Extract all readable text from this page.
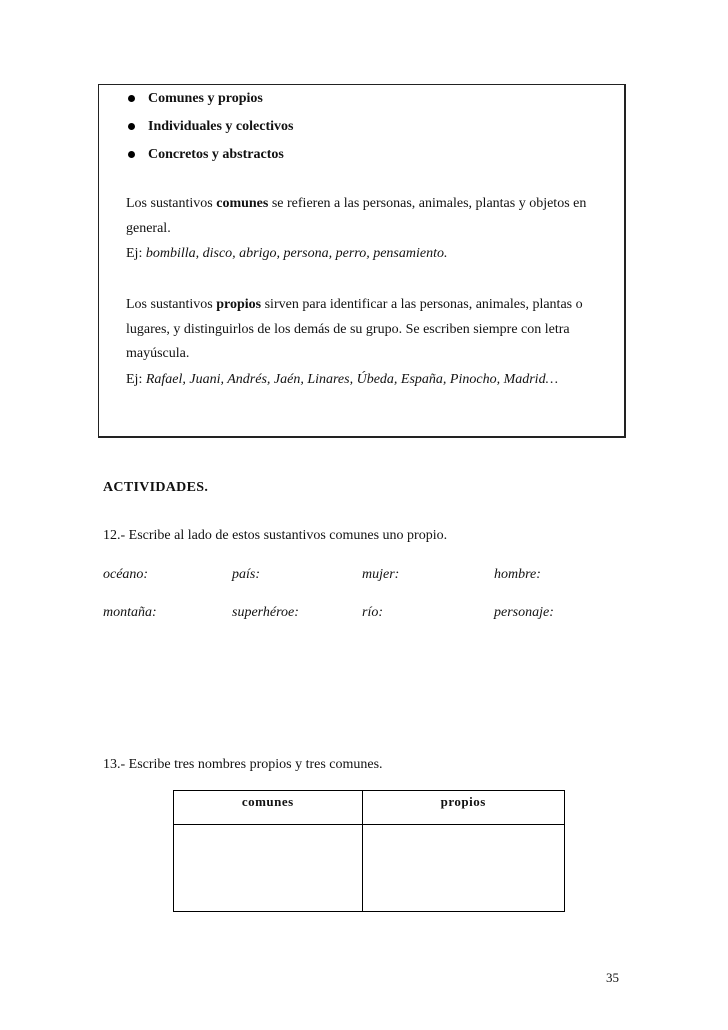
Comunes y propios
Individuales y colectivos
Concretos y abstractos
Los sustantivos comunes se refieren a las personas, animales, plantas y objetos en general.
Ej: bombilla, disco, abrigo, persona, perro, pensamiento.
Los sustantivos propios sirven para identificar a las personas, animales, plantas o lugares, y distinguirlos de los demás de su grupo. Se escriben siempre con letra mayúscula.
Ej: Rafael, Juani, Andrés, Jaén, Linares, Úbeda, España, Pinocho, Madrid…
ACTIVIDADES.
12.- Escribe al lado de estos sustantivos comunes uno propio.
océano:	país:	mujer:	hombre:
montaña:	superhéroe:	río:	personaje:
13.- Escribe tres nombres propios y tres comunes.
comunes	propios

35
